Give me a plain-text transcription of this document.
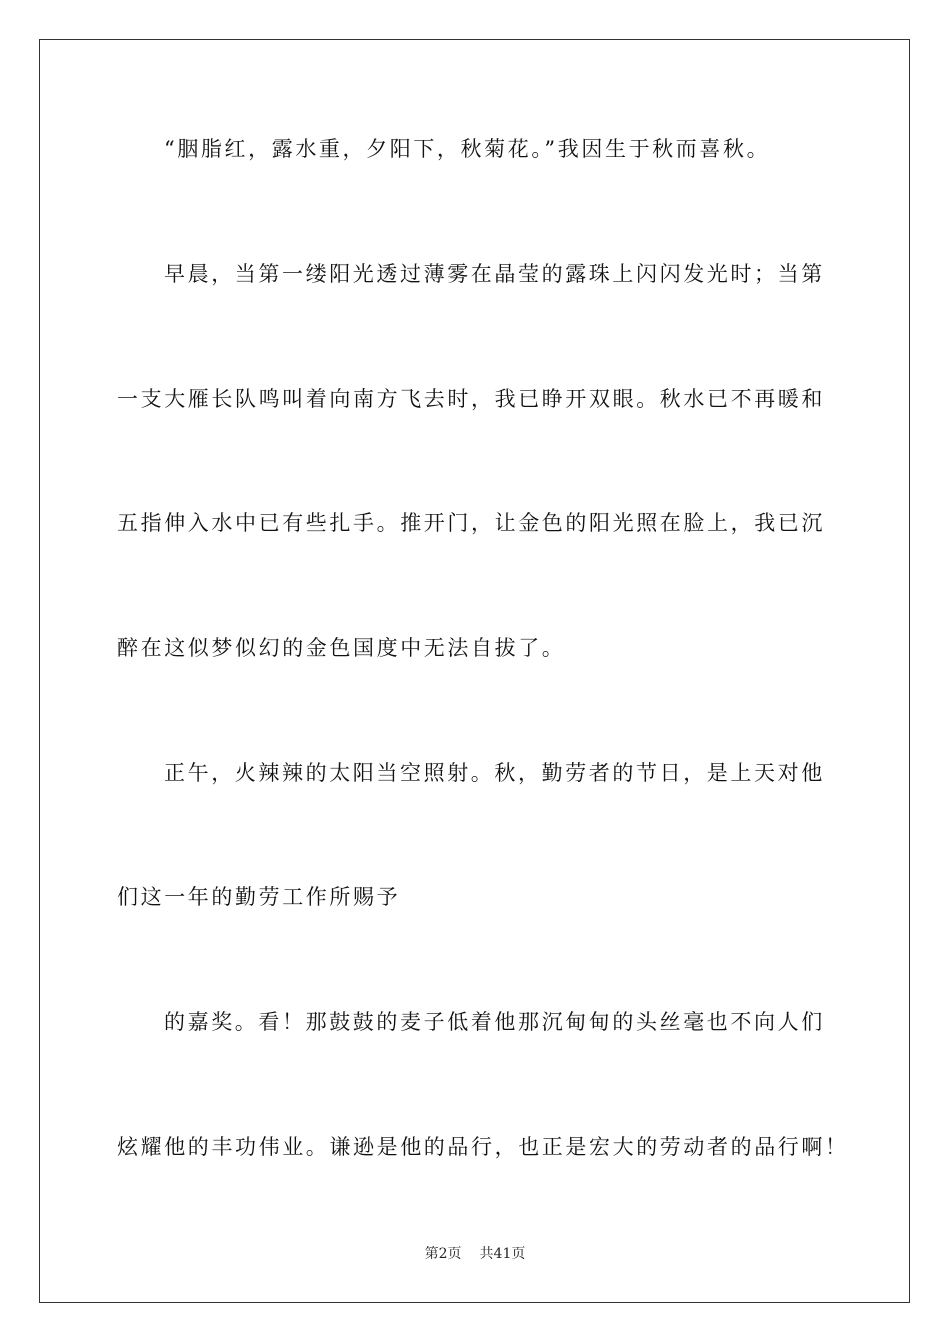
“胭脂红，露水重，夕阳下，秋菊花。”我因生于秋而喜秋。
早晨，当第一缕阳光透过薄雾在晶莹的露珠上闪闪发光时；当第
一支大雁长队鸣叫着向南方飞去时，我已睁开双眼。秋水已不再暖和
五指伸入水中已有些扎手。推开门，让金色的阳光照在脸上，我已沉
醉在这似梦似幻的金色国度中无法自拔了。
正午，火辣辣的太阳当空照射。秋，勤劳者的节日，是上天对他
们这一年的勤劳工作所赐予
的嘉奖。看！那鼓鼓的麦子低着他那沉甸甸的头丝毫也不向人们
炫耀他的丰功伟业。谦逊是他的品行，也正是宏大的劳动者的品行啊！
第2页 共41页
